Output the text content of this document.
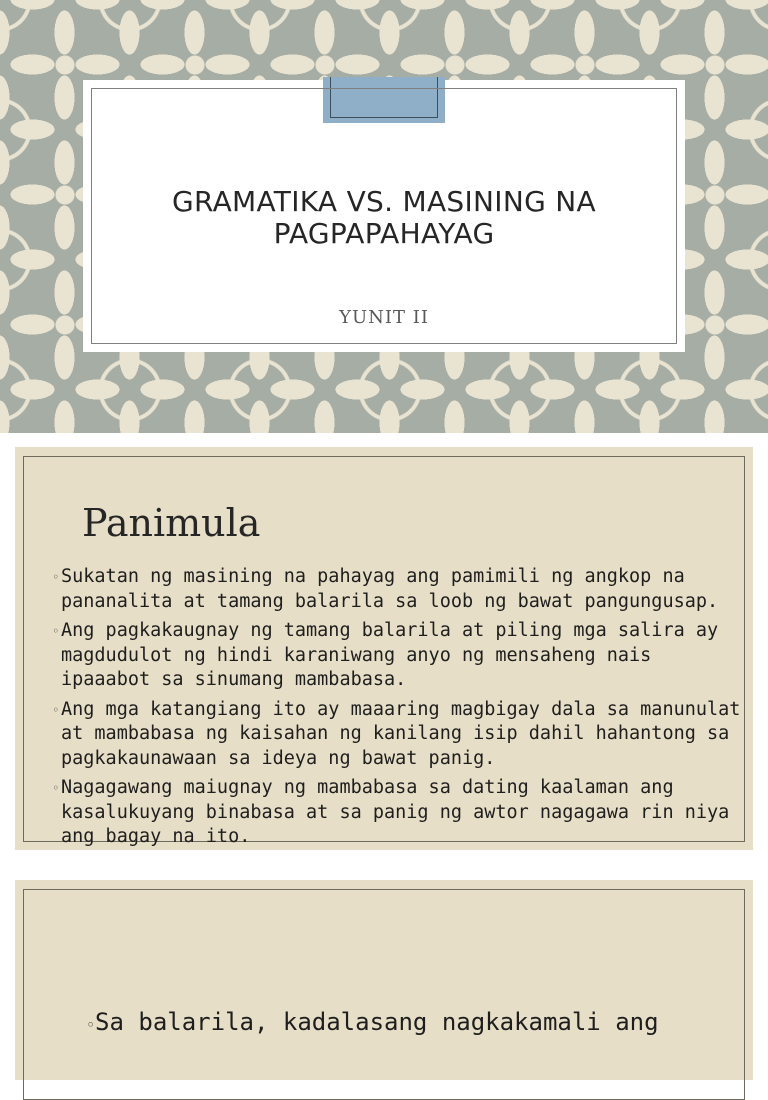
GRAMATIKA VS. MASINING NA PAGPAPAHAYAG
YUNIT II
Panimula
◦ Sukatan ng masining na pahayag ang pamimili ng angkop na pananalita at tamang balarila sa loob ng bawat pangungusap.
◦ Ang pagkakaugnay ng tamang balarila at piling mga salira ay magdudulot ng hindi karaniwang anyo ng mensaheng nais ipaaabot sa sinumang mambabasa.
◦ Ang mga katangiang ito ay maaaring magbigay dala sa manunulat at mambabasa ng kaisahan ng kanilang isip dahil hahantong sa pagkakaunawaan sa ideya ng bawat panig.
◦ Nagagawang maiugnay ng mambabasa sa dating kaalaman ang kasalukuyang binabasa at sa panig ng awtor nagagawa rin niya ang bagay na ito.
◦Sa balarila, kadalasang nagkakamali ang
